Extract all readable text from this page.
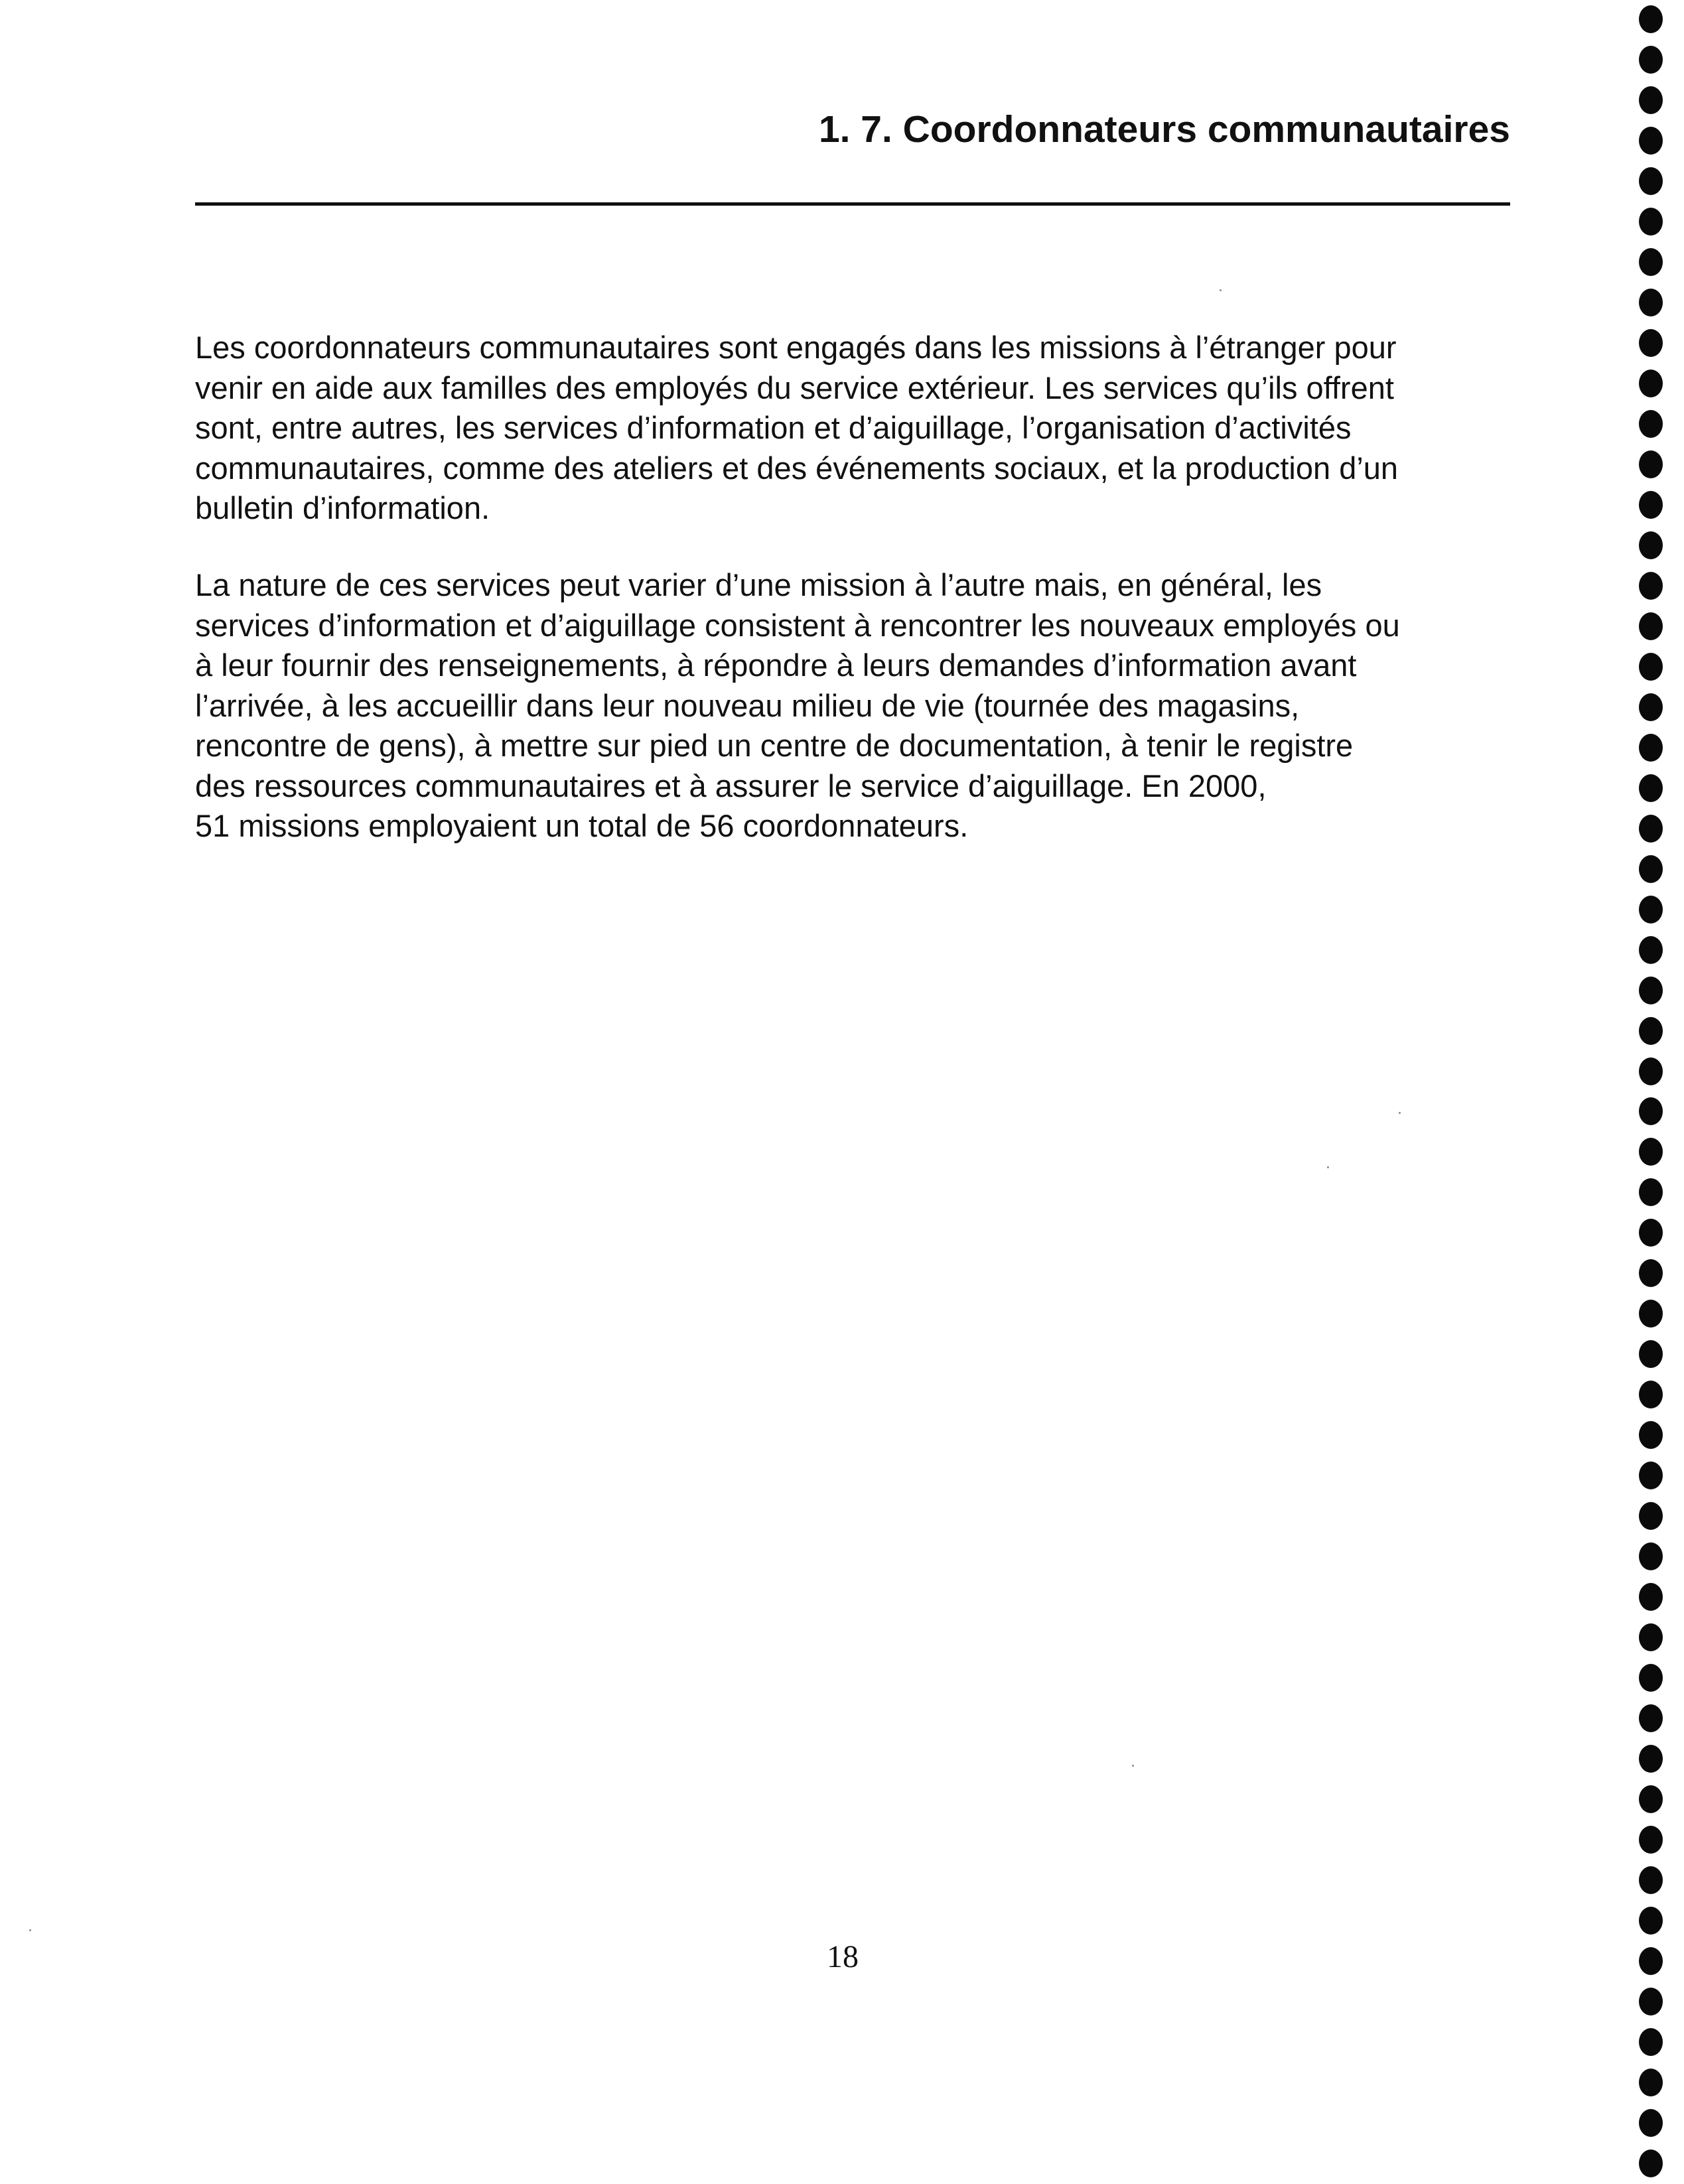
1. 7. Coordonnateurs communautaires

Les coordonnateurs communautaires sont engagés dans les missions à l’étranger pour
venir en aide aux familles des employés du service extérieur. Les services qu’ils offrent
sont, entre autres, les services d’information et d’aiguillage, l’organisation d’activités
communautaires, comme des ateliers et des événements sociaux, et la production d’un
bulletin d’information.

La nature de ces services peut varier d’une mission à l’autre mais, en général, les
services d’information et d’aiguillage consistent à rencontrer les nouveaux employés ou
à leur fournir des renseignements, à répondre à leurs demandes d’information avant
l’arrivée, à les accueillir dans leur nouveau milieu de vie (tournée des magasins,
rencontre de gens), à mettre sur pied un centre de documentation, à tenir le registre
des ressources communautaires et à assurer le service d’aiguillage. En 2000,
51 missions employaient un total de 56 coordonnateurs.

18
